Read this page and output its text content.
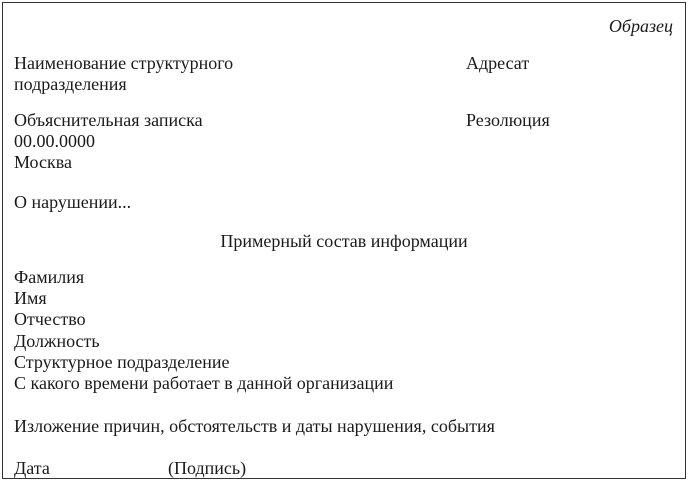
Образец
Наименование структурного
подразделения
Адресат
Объяснительная записка	Резолюция
00.00.0000
Москва
О нарушении...
Примерный состав информации
Фамилия
Имя
Отчество
Должность
Структурное подразделение
С какого времени работает в данной организации
Изложение причин, обстоятельств и даты нарушения, события
Дата	(Подпись)
